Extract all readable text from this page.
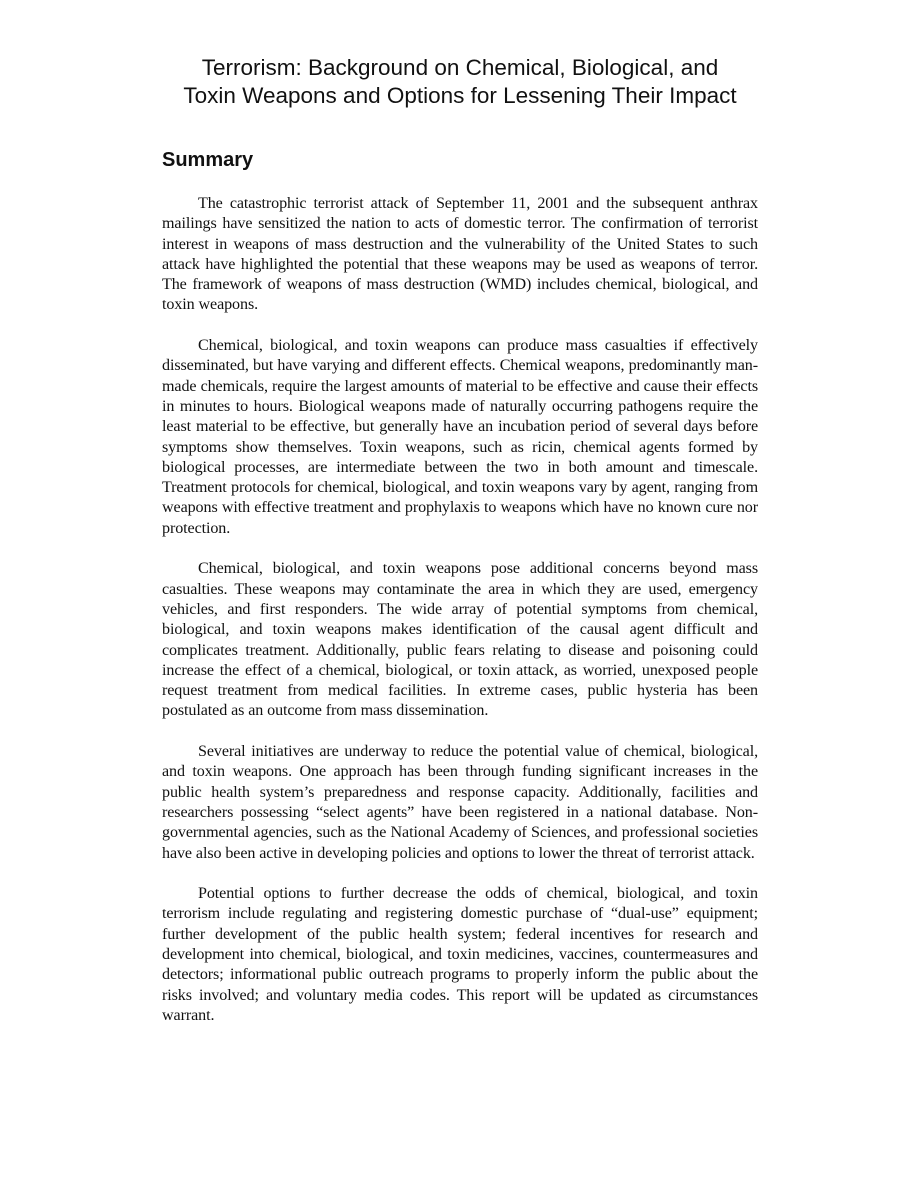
Terrorism: Background on Chemical, Biological, and
Toxin Weapons and Options for Lessening Their Impact
Summary

The catastrophic terrorist attack of September 11, 2001 and the subsequent anthrax mailings have sensitized the nation to acts of domestic terror. The confirmation of terrorist interest in weapons of mass destruction and the vulnerability of the United States to such attack have highlighted the potential that these weapons may be used as weapons of terror. The framework of weapons of mass destruction (WMD) includes chemical, biological, and toxin weapons.

Chemical, biological, and toxin weapons can produce mass casualties if effectively disseminated, but have varying and different effects. Chemical weapons, predominantly man-made chemicals, require the largest amounts of material to be effective and cause their effects in minutes to hours. Biological weapons made of naturally occurring pathogens require the least material to be effective, but generally have an incubation period of several days before symptoms show themselves. Toxin weapons, such as ricin, chemical agents formed by biological processes, are intermediate between the two in both amount and timescale. Treatment protocols for chemical, biological, and toxin weapons vary by agent, ranging from weapons with effective treatment and prophylaxis to weapons which have no known cure nor protection.

Chemical, biological, and toxin weapons pose additional concerns beyond mass casualties. These weapons may contaminate the area in which they are used, emergency vehicles, and first responders. The wide array of potential symptoms from chemical, biological, and toxin weapons makes identification of the causal agent difficult and complicates treatment. Additionally, public fears relating to disease and poisoning could increase the effect of a chemical, biological, or toxin attack, as worried, unexposed people request treatment from medical facilities. In extreme cases, public hysteria has been postulated as an outcome from mass dissemination.

Several initiatives are underway to reduce the potential value of chemical, biological, and toxin weapons. One approach has been through funding significant increases in the public health system’s preparedness and response capacity. Additionally, facilities and researchers possessing “select agents” have been registered in a national database. Non-governmental agencies, such as the National Academy of Sciences, and professional societies have also been active in developing policies and options to lower the threat of terrorist attack.

Potential options to further decrease the odds of chemical, biological, and toxin terrorism include regulating and registering domestic purchase of “dual-use” equipment; further development of the public health system; federal incentives for research and development into chemical, biological, and toxin medicines, vaccines, countermeasures and detectors; informational public outreach programs to properly inform the public about the risks involved; and voluntary media codes. This report will be updated as circumstances warrant.
